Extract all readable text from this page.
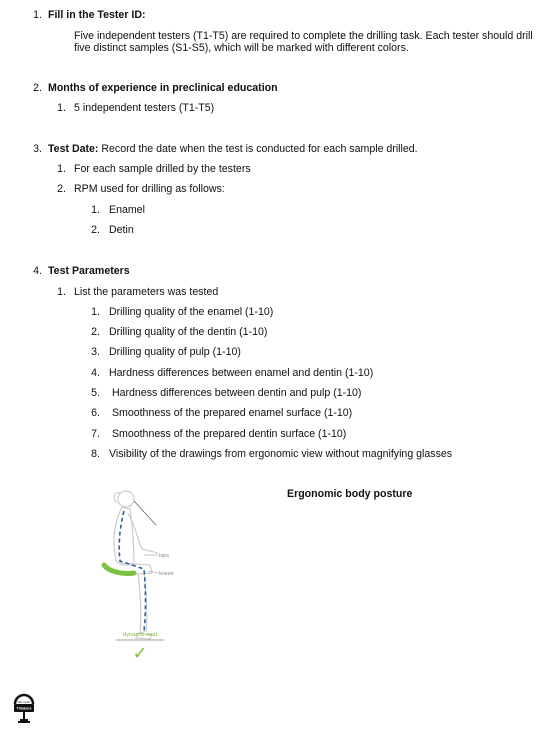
1. Fill in the Tester ID:
Five independent testers (T1-T5) are required to complete the drilling task. Each tester should drill
five distinct samples (S1-S5), which will be marked with different colors.
2. Months of experience in preclinical education
1. 5 independent testers (T1-T5)
3. Test Date: Record the date when the test is conducted for each sample drilled.
1. For each sample drilled by the testers
2. RPM used for drilling as follows:
1. Enamel
2. Detin
4. Test Parameters
1. List the parameters was tested
1. Drilling quality of the enamel (1-10)
2. Drilling quality of the dentin (1-10)
3. Drilling quality of pulp (1-10)
4. Hardness differences between enamel and dentin (1-10)
5. Hardness differences between dentin and pulp (1-10)
6. Smoothness of the prepared enamel surface (1-10)
7. Smoothness of the prepared dentin surface (1-10)
8. Visibility of the drawings from ergonomic view without magnifying glasses
Ergonomic body posture
hips
knees
dynamic seat
✓
MG Impact
Thinkers
